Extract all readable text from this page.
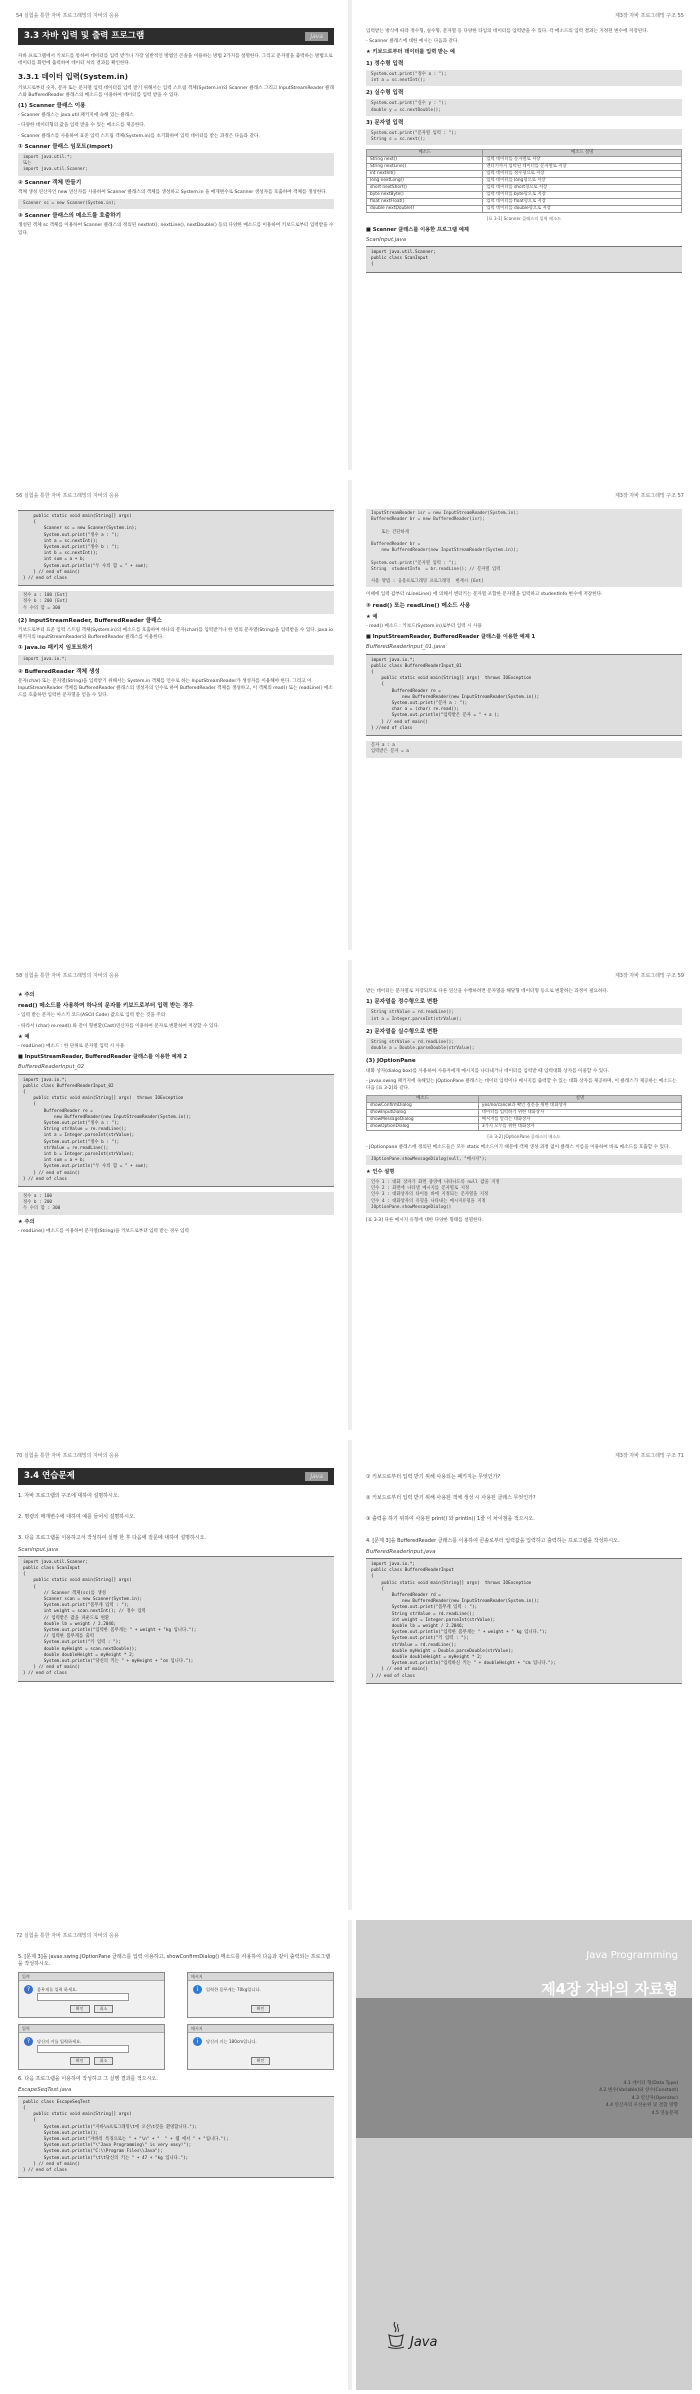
54 실험을 통한 자바 프로그래밍의 자바의 응용
3.3 자바 입력 및 출력 프로그램	Java

자바 프로그램에서 키보드를 통하여 데이터를 입력 받거나 가장 일반적인 방법인 콘솔을 이용하는 방법 2가지를 설명한다. 그리고 문자열을 출력하는 방법으로 데이터를 화면에 출력하여 데이터 처리 결과를 확인한다.

3.3.1 데이터 입력(System.in)

키보드로부터 숫자, 문자 또는 문자열 입력 데이터를 입력 받기 위해서는 입력 스트림 객체(System.in)와 Scanner 클래스 그리고 InputStreamReader 클래스와 BufferedReader 클래스의 메소드를 이용하여 데이터를 입력 받을 수 있다.

(1) Scanner 클래스 이용

- Scanner 클래스는 java.util 패키지에 속해 있는 클래스

- 다양한 데이터형의 값을 입력 받을 수 있는 메소드를 제공한다.

- Scanner 클래스를 사용하여 표준 입력 스트림 객체(System.in)를 초기화하여 입력 데이터를 받는 과정은 다음과 같다.

① Scanner 클래스 임포트(import)
import java.util.*;
또는
import java.util.Scanner;
② Scanner 객체 만들기

객체 생성 연산자인 new 연산자를 사용하여 Scanner 클래스의 객체를 생성하고 System.in 을 매개변수로 Scanner 생성자를 호출하여 객체를 생성한다.

Scanner sc = new Scanner(System.in);
③ Scanner 클래스의 메소드를 호출하기

생성된 객체 sc 객체를 이용하여 Scanner 클래스의 정의된 nextInt(), nextLine(), nextDouble() 등의 다양한 메소드를 이용하여 키보드로부터 입력받을 수 있다.

제3장 자바 프로그래밍 구조 55

입력받는 방식에 따라 정수형, 실수형, 문자열 등 다양한 타입의 데이터를 입력받을 수 있다. 각 메소드의 입력 결과는 지정된 변수에 저장된다.

- Scanner 클래스에 대한 예시는 다음과 같다.

★ 키보드로부터 데이터를 입력 받는 예
1) 정수형 입력
System.out.print("정수 a : ");
int a = sc.nextInt();
2) 실수형 입력
System.out.print("실수 y : ");
double y = sc.nextDouble();
3) 문자열 입력
System.out.print("문자열 입력 : ");
String s = sc.next();
메소드	메소드 설명
String next()	입력 데이터를 문자열로 저장
String nextLine()	엔터키까지 입력된 데이터를 문자열로 저장
int nextInt()	입력 데이터를 정수형으로 저장
long nextLong()	입력 데이터를 long형으로 저장
short nextShort()	입력 데이터를 short형으로 저장
byte nextByte()	입력 데이터를 byte형으로 저장
float nextFloat()	입력 데이터를 float형으로 저장
double nextDouble()	입력 데이터를 double형으로 저장
[표 3-1] Scanner 클래스의 입력 메소드
■ Scanner 클래스를 이용한 프로그램 예제
ScanInput.java
import java.util.Scanner;
public class ScanInput
{
56 실험을 통한 자바 프로그래밍의 자바의 응용
public static void main(String[] args)
{
Scanner sc = new Scanner(System.in);
System.out.print("정수 a : ");
int a = sc.nextInt();
System.out.print("정수 b : ");
int b = sc.nextInt();
int sum = a + b;
System.out.println("두 수의 합 = " + sum);
} // end of main()
} // end of class
정수 a : 100 [Ent]
정수 b : 200 [Ent]
두 수의 합 = 300
(2) InputStreamReader, BufferedReader 클래스

키보드로부터 표준 입력 스트림 객체(System.in)의 메소드를 호출하여 하나의 문자(char)를 입력받거나 한 번의 문자열(String)을 입력받을 수 있다. java.io 패키지의 InputStreamReader와 BufferedReader 클래스를 이용한다.

① java.io 패키지 임포트하기
import java.io.*;
② BufferedReader 객체 생성

문자(char) 또는 문자열(String)을 입력받기 위해서는 System.in 객체를 인수로 하는 InputStreamReader가 생성자를 이용해야 한다. 그리고 이 InputStreamReader 객체를 BufferedReader 클래스의 생성자의 인수로 하여 BufferedReader 객체를 생성하고, 이 객체의 read() 또는 readLine() 메소드를 호출하면 입력한 문자열을 얻을 수 있다.

제3장 자바 프로그래밍 구조 57
InputStreamReader isr = new InputStreamReader(System.in);
BufferedReader br = new BufferedReader(isr);

또는 간단하게

BufferedReader br =
new BufferedReader(new InputStreamReader(System.in));

System.out.print("문자열 입력 : ");
String  studentInfo  = br.readLine(); // 문자열 입력

사용 방법 : 응용프로그래밍 프로그래밍  현재시 [Ent]

이때에 입력 값부터 nLineLine() 에 의해서 엔터키는 문자열 포함한 문자열을 입력하고 studentInfo 변수에 저장한다.

③ read() 또는 readLine() 메소드 사용
★ 예

- read() 메소드 : 키보드(System.in)로부터 입력 시 사용

■ InputStreamReader, BufferedReader 클래스를 이용한 예제 1
BufferedReaderInput_01.java
import java.io.*;
public class BufferedReaderInput_01
{
public static void main(String[] args)  throws IOException
{
BufferedReader re =
new BufferedReader(new InputStreamReader(System.in));
System.out.print("문자 a : ");
char a = (char) re.read();
System.out.println("입력받은 문자 = " + a );
} // end of main()
} //end of class
문자 a : a
입력받은 문자 = a
58 실험을 통한 자바 프로그래밍의 자바의 응용
★ 주의
read() 메소드를 사용하여 하나의 문자를 키보드로부터 입력 받는 경우

- 입력 받는 문자는 아스키 코드(ASCII Code) 값으로 입력 받는 것을 주의

- 따라서 (char) re.read() 와 같이 형변환(Cast)연산자를 이용하여 문자로 변환하여 저장할 수 있다.

★ 예

- readLine() 메소드 : 한 단위로 문자열 입력 시 사용

■ InputStreamReader, BufferedReader 클래스를 이용한 예제 2
BufferedReaderInput_02
import java.io.*;
public class BufferedReaderInput_02
{
public static void main(String[] args)  throws IOException
{
BufferedReader re =
new BufferedReader(new InputStreamReader(System.in));
System.out.print("정수 a : ");
String strValue = re.readLine();
int a = Integer.parseInt(strValue);
System.out.print("정수 b : ");
strValue = re.readLine();
int b = Integer.parseInt(strValue);
int sum = a + b;
System.out.println("두 수의 합 = " + sum);
} // end of main()
} // end of class
정수 a : 100
정수 b : 200
두 수의 합 : 300
★ 주의

- readLine() 메소드를 이용하여 문자열(String)을 키보드로부터 입력 받는 경우 입력

제3장 자바 프로그래밍 구조 59

받는 데이터는 문자열로 저장되므로 다른 연산을 수행하려면 문자열을 해당형 데이터형 등으로 변환하는 과정이 필요하다.

1) 문자열을 정수형으로 변환
String strValue = rd.readLine();
int a = Integer.parseInt(strValue);
2) 문자열을 실수형으로 변환
String strValue = rd.readLine();
double a = Double.parseDouble(strValue);
(3) JOptionPane

대화 상자(dialog box)를 사용하여 사용자에게 메시지를 나타내거나 데이터를 입력받 때 입력대화 상자를 이용할 수 있다.

- javax.swing 패키지에 속해있는 JOptionPane 클래스는 데이터 입력이나 메시지를 출력할 수 있는 대화 상자를 제공하며, 이 클래스가 제공하는 메소드는 다음 [표 3-2]와 같다.

메소드	설명
showConfirmDialog	yes/no/cancel과 확인 질문을 위한 대화상자
showInputDialog	데이터를 입력하기 위한 대화상자
showMessageDialog	메시지를 알리는 대화상자
showOptionDialog	3가지 모두를 위한 대화상자
[표 3-2] JOptionPane 클래스의 메소드

- JOptionpane 클래스에 정의된 메소드들은 모두 static 메소드이기 때문에 객체 생성 과정 없이 클래스 이름을 이용하여 바로 메소드를 호출할 수 있다.

JOptionPane.showMessageDialog(null, "메시지");
★ 인수 설명
인수 1 : 대화 상자가 화면 중앙에 나타나도록 null 값을 지정
인수 2 : 화면에 나타낼 메시지를 문자열로 지정
인수 3 : 대화상자의 타이틀 바에 지정되는 문자열을 지정
인수 4 : 대화상자의 유형을 나타내는 메시지유형을 지정
JOptionPane.showMessageDialog()

[표 3-3] 다른 메시지 유형에 대한 다양한 형태를 설명한다.

70 실험을 통한 자바 프로그래밍의 자바의 응용
3.4 연습문제	Java
1. 자바 프로그램의 구조에 대하여 설명하시오.
2. 명령의 매개변수에 대하여 예를 들어서 설명하시오.
3. 다음 프로그램을 이용하고서 작성하여 실행 한 후 다음에 질문에 대하여 설명하시오.
ScanInput.java
import java.util.Scanner;
public class ScanInput
{
public static void main(String[] args)
{
// Scanner 객체(sc)를 생성
Scanner scan = new Scanner(System.in);
System.out.print("몸무게 입력 : ");
int weight = scan.nextInt(); // 정수 입력
// 입력받은 값을 파운드로 변환
double lb = weight / 2.2046;
System.out.println("입력한 몸무게는 " + weight + "kg 입니다.");
// 입력한 몸무게를 출력
System.out.print("키 입력 : ");
double myHeight = scan.nextDouble();
double doubleHeight = myHeight * 2;
System.out.println("당신의 키는 " + myHeight + "cm 입니다.");
} // end of main()
} // end of class
제3장 자바 프로그래밍 구조 71
① 키보드로부터 입력 받기 위해 사용되는 패키지는 무엇인가?
② 키보드로부터 입력 받기 위해 사용된 객체 생성 시 사용된 클래스 무엇인가?
③ 출력을 하기 위하여 사용된 print() 와 println() 1줄 이 차이점을 적으시오.
4. [문제 3]을 BufferedReader 클래스를 이용하여 콘솔로부터 입력값을 입력하고 출력하는 프로그램을 작성하시오.
BufferedReaderInput.java
import java.io.*;
public class BufferedReaderInput
{
public static void main(String[] args)  throws IOException
{
BufferedReader rd =
new BufferedReader(new InputStreamReader(System.in));
System.out.print("몸무게 입력 : ");
String strValue = rd.readLine();
int weight = Integer.parseInt(strValue);
double lb = weight / 2.2046;
System.out.println("입력한 몸무게는 " + weight + " kg 입니다.");
System.out.print("키 입력 : ");
strValue = rd.readLine();
double myHeight = Double.parseDouble(strValue);
double doubleHeight = myHeight * 2;
System.out.println("입력하신 키는 " + doubleHeight + "cm 입니다.");
} // end of main()
} // end of class
72 실험을 통한 자바 프로그래밍의 자바의 응용
5. [문제 3]을 javax.swing.JOptionPane 클래스를 입력 이용하고, showConfirmDialog() 메소드를 사용하여 다음과 같이 출력되는 프로그램을 작성하시오.
입력
?	몸무게를 입력 하세요.
확인	취소
메시지
i	입력한 몸무게는 70kg입니다.
확인
입력
?	당신의 키를 입력하세요.
확인	취소
메시지
i	당신의 키는 180cm입니다.
확인
6. 다음 프로그램을 이용하여 작성하고 그 실행 결과를 적으시오.
EscapeSeqTest.java
public class EscapeSeqTest
{
public static void main(String[] args)
{
System.out.println("자바\n프로그래밍\t에 오신\t것을 환영합니다.");
System.out.println();
System.out.print("자바의 특징으로는 " + "\n" + "  " + 웹 에서 " + "입니다.");
System.out.println("\"Java Programming\" is very easy!");
System.out.println("C:\\Program Files\\Java");
System.out.println("\t\t당신의 키는 " + 47 + "kg 입니다.");
} // end of main()
} // end of class
Java Programming
제4장 자바의 자료형
4.1 데이터 형(Data Type)
4.2 변수(Variable)와 상수(Constant)
4.3 연산자(Operator)
4.4 연산자의 우선순위 및 결합 방향
4.5 연습문제
Java
